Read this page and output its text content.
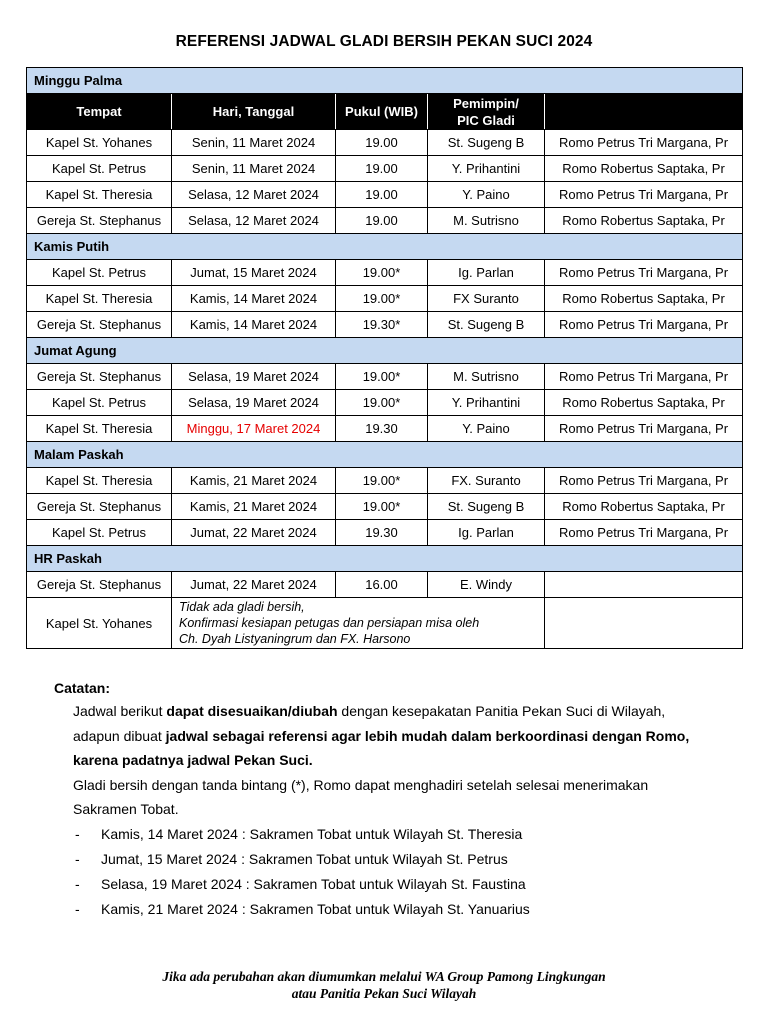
REFERENSI JADWAL GLADI BERSIH PEKAN SUCI 2024
Minggu Palma				
Tempat	Hari, Tanggal	Pukul (WIB)	Pemimpin/
PIC Gladi	

Kapel St. Yohanes	Senin, 11 Maret 2024	19.00	St. Sugeng B	Romo Petrus Tri Margana, Pr
Kapel St. Petrus	Senin, 11 Maret 2024	19.00	Y. Prihantini	Romo Robertus Saptaka, Pr
Kapel St. Theresia	Selasa, 12 Maret 2024	19.00	Y. Paino	Romo Petrus Tri Margana, Pr
Gereja St. Stephanus	Selasa, 12 Maret 2024	19.00	M. Sutrisno	Romo Robertus Saptaka, Pr
Kamis Putih				
Kapel St. Petrus	Jumat, 15 Maret 2024	19.00*	Ig. Parlan	Romo Petrus Tri Margana, Pr
Kapel St. Theresia	Kamis, 14 Maret 2024	19.00*	FX Suranto	Romo Robertus Saptaka, Pr
Gereja St. Stephanus	Kamis, 14 Maret 2024	19.30*	St. Sugeng B	Romo Petrus Tri Margana, Pr
Jumat Agung				
Gereja St. Stephanus	Selasa, 19 Maret 2024	19.00*	M. Sutrisno	Romo Petrus Tri Margana, Pr
Kapel St. Petrus	Selasa, 19 Maret 2024	19.00*	Y. Prihantini	Romo Robertus Saptaka, Pr
Kapel St. Theresia	Minggu, 17 Maret 2024	19.30	Y. Paino	Romo Petrus Tri Margana, Pr
Malam Paskah				
Kapel St. Theresia	Kamis, 21 Maret 2024	19.00*	FX. Suranto	Romo Petrus Tri Margana, Pr
Gereja St. Stephanus	Kamis, 21 Maret 2024	19.00*	St. Sugeng B	Romo Robertus Saptaka, Pr
Kapel St. Petrus	Jumat, 22 Maret 2024	19.30	Ig. Parlan	Romo Petrus Tri Margana, Pr
HR Paskah				
Gereja St. Stephanus	Jumat, 22 Maret 2024	16.00	E. Windy	
Kapel St. Yohanes	Tidak ada gladi bersih,
Konfirmasi kesiapan petugas dan persiapan misa oleh
Ch. Dyah Listyaningrum dan FX. Harsono			

Catatan:
Jadwal berikut dapat disesuaikan/diubah dengan kesepakatan Panitia Pekan Suci di Wilayah,
adapun dibuat jadwal sebagai referensi agar lebih mudah dalam berkoordinasi dengan Romo,
karena padatnya jadwal Pekan Suci.
Gladi bersih dengan tanda bintang (*), Romo dapat menghadiri setelah selesai menerimakan
Sakramen Tobat.
- Kamis, 14 Maret 2024 : Sakramen Tobat untuk Wilayah St. Theresia
- Jumat, 15 Maret 2024 : Sakramen Tobat untuk Wilayah St. Petrus
- Selasa, 19 Maret 2024 : Sakramen Tobat untuk Wilayah St. Faustina
- Kamis, 21 Maret 2024 : Sakramen Tobat untuk Wilayah St. Yanuarius
Jika ada perubahan akan diumumkan melalui WA Group Pamong Lingkungan
atau Panitia Pekan Suci Wilayah
